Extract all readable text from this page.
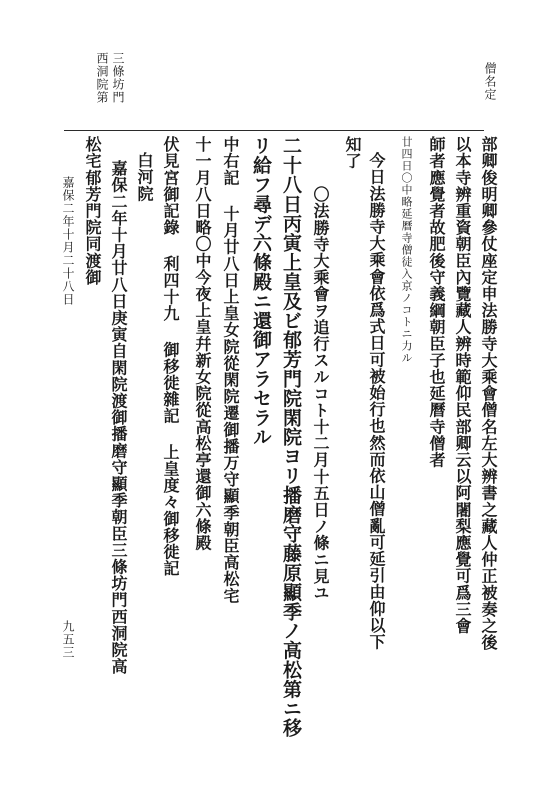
僧名定
三條坊門
西洞院第
部卿俊明卿參仗座定申法勝寺大乘會僧名左大辨書之藏人仲正被奏之後
以本寺辨重資朝臣內覽藏人辨時範仰民部卿云以阿闍梨應覺可爲三會
師者應覺者故肥後守義綱朝臣子也延曆寺僧者
廿四日〇中略延曆寺僧徒入京ノコトニ力ル
今日法勝寺大乘會依爲式日可被始行也然而依山僧亂可延引由仰以下
知了
〇法勝寺大乘會ヲ追行スルコト十二月十五日ノ條ニ見ユ
二十八日丙寅上皇及ビ郁芳門院閑院ヨリ播磨守藤原顯季ノ高松第ニ移
リ給フ尋デ六條殿ニ還御アラセラル
中右記 十月廿八日上皇女院從閑院遷御播万守顯季朝臣高松宅
十一月八日略〇中今夜上皇幷新女院從高松亭還御六條殿
伏見宮御記錄 利四十九 御移徙雜記 上皇度々御移徙記
白河院
嘉保二年十月廿八日庚寅自閑院渡御播磨守顯季朝臣三條坊門西洞院高
松宅郁芳門院同渡御
嘉保二年十月二十八日
九五三
